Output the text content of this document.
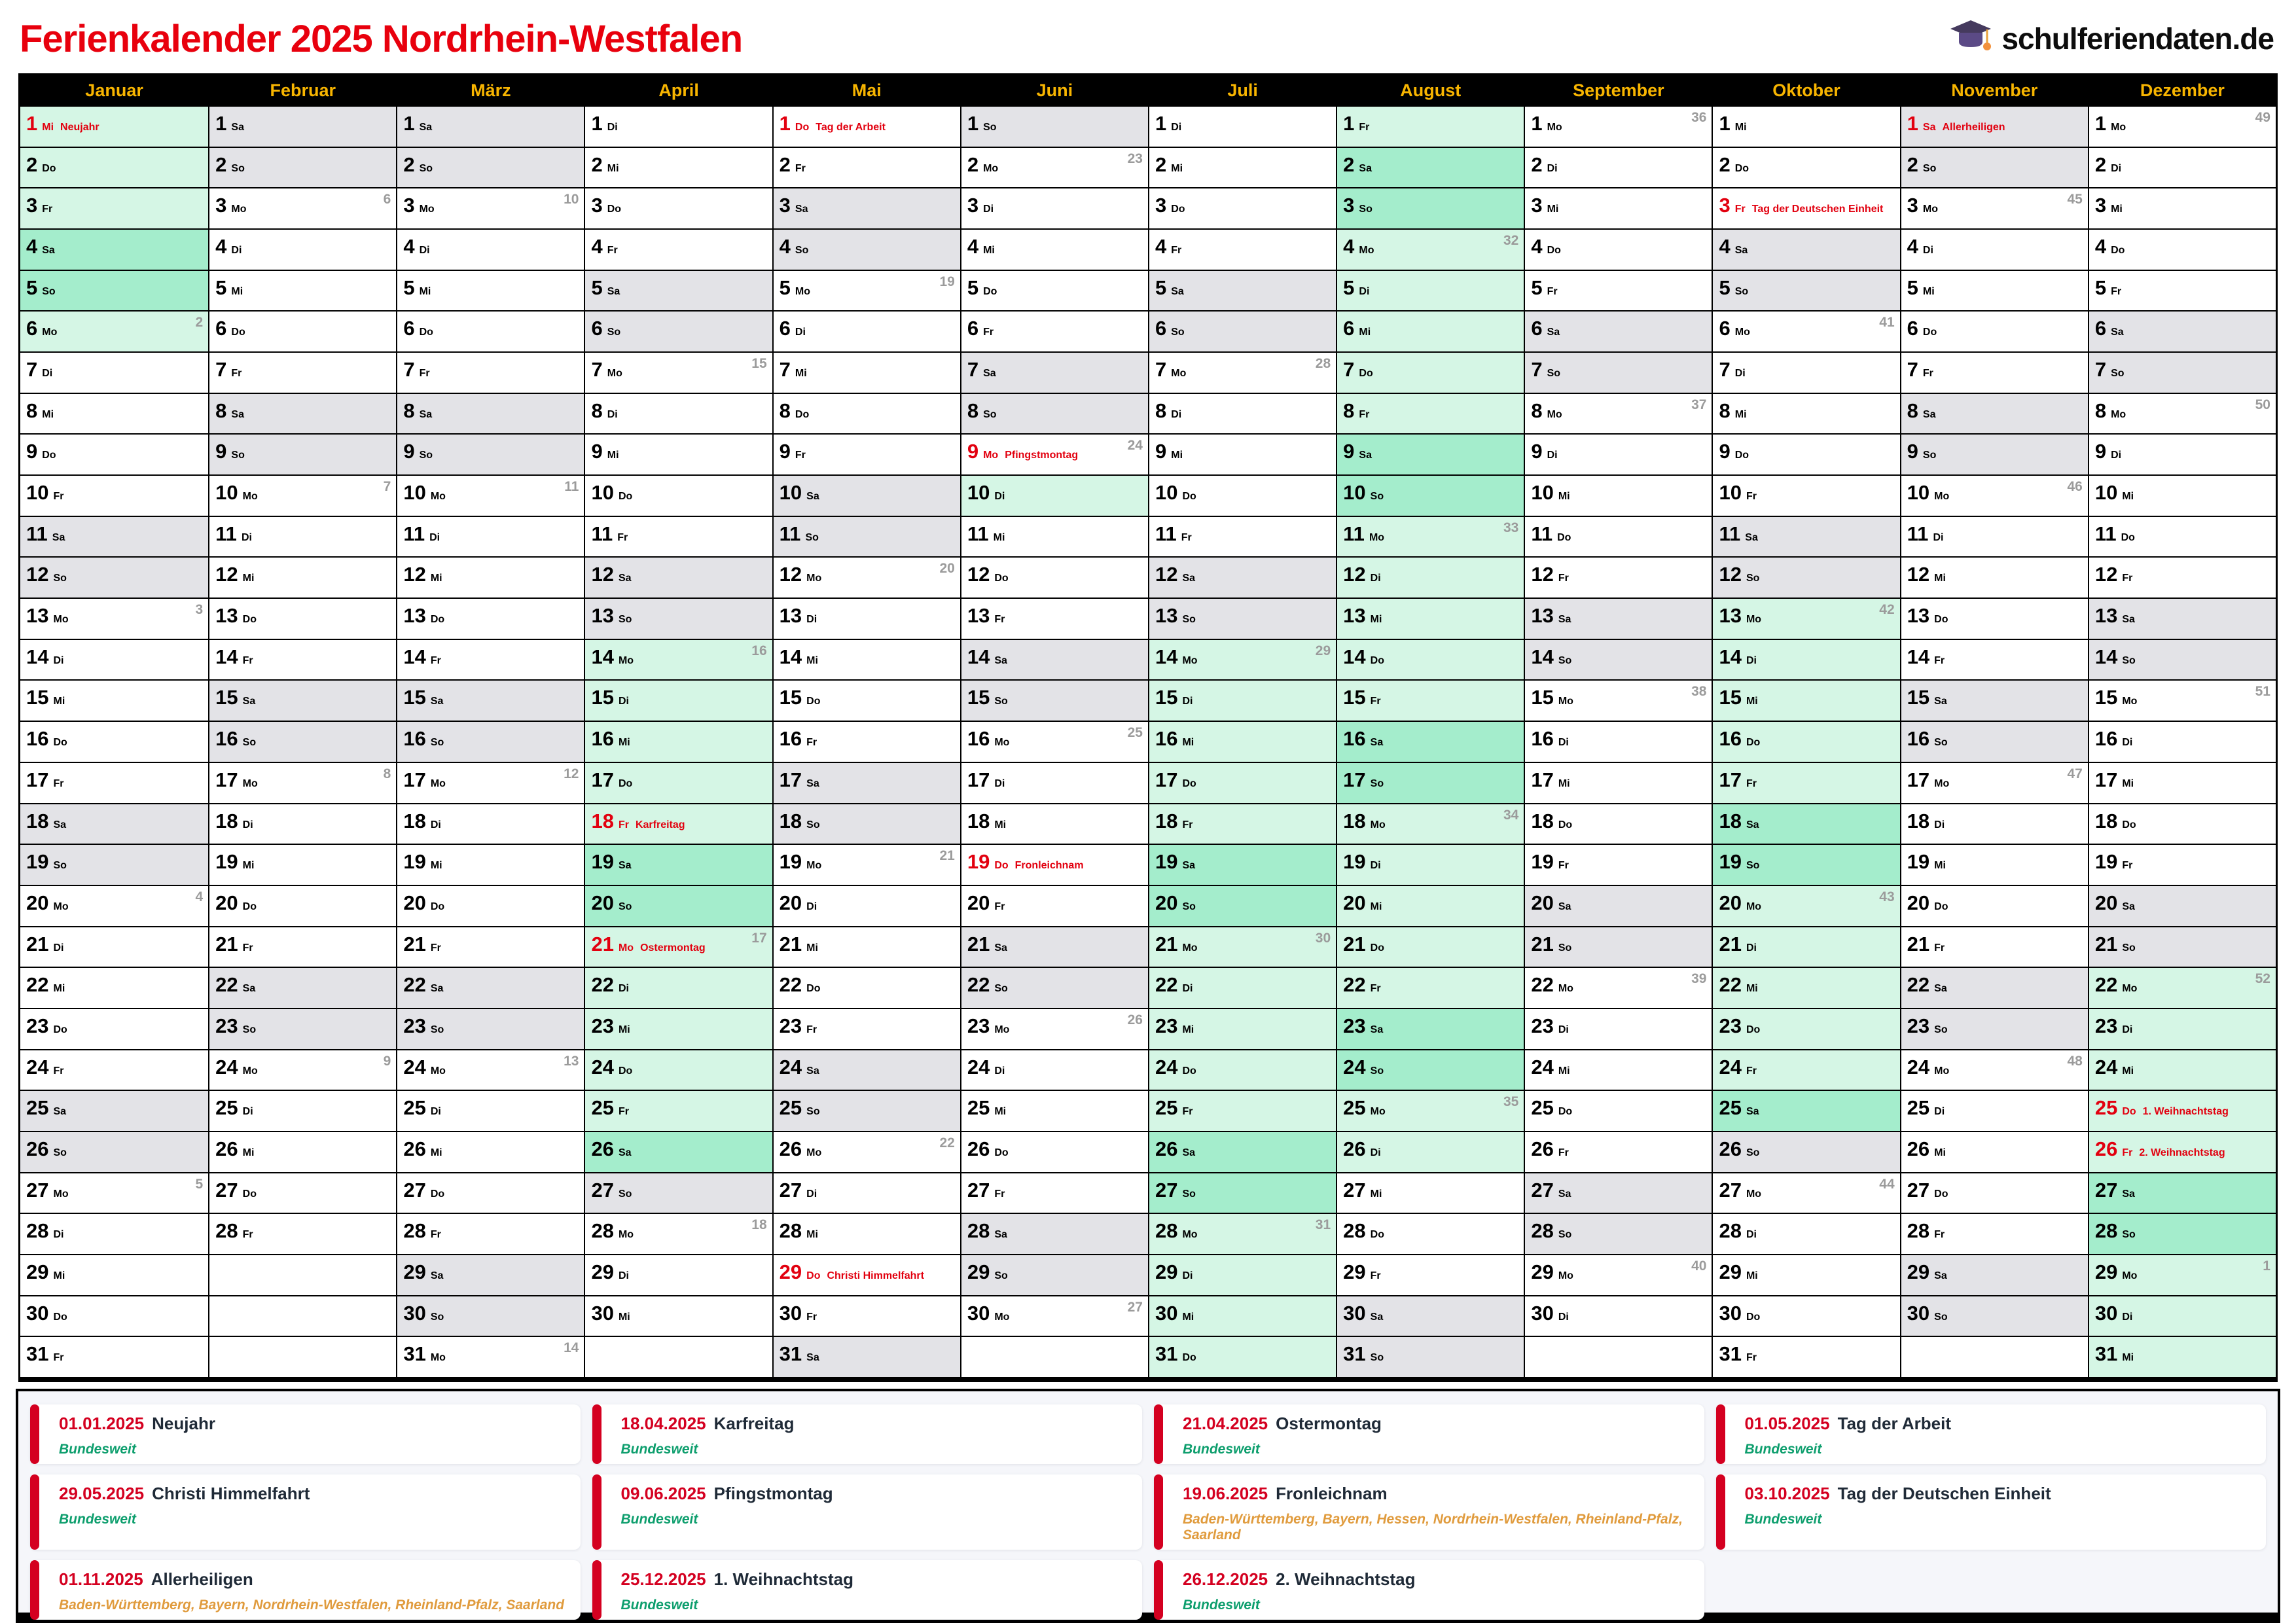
Ferienkalender 2025 Nordrhein-Westfalen	schulferiendaten.de
Januar
1 Mi Neujahr
2 Do
3 Fr
4 Sa
5 So
6 Mo
2
7 Di
8 Mi
9 Do
10 Fr
11 Sa
12 So
13 Mo
3
14 Di
15 Mi
16 Do
17 Fr
18 Sa
19 So
20 Mo
4
21 Di
22 Mi
23 Do
24 Fr
25 Sa
26 So
27 Mo
5
28 Di
29 Mi
30 Do
31 Fr
Februar
1 Sa
2 So
3 Mo
6
4 Di
5 Mi
6 Do
7 Fr
8 Sa
9 So
10 Mo
7
11 Di
12 Mi
13 Do
14 Fr
15 Sa
16 So
17 Mo
8
18 Di
19 Mi
20 Do
21 Fr
22 Sa
23 So
24 Mo
9
25 Di
26 Mi
27 Do
28 Fr
März
1 Sa
2 So
3 Mo
10
4 Di
5 Mi
6 Do
7 Fr
8 Sa
9 So
10 Mo
11
11 Di
12 Mi
13 Do
14 Fr
15 Sa
16 So
17 Mo
12
18 Di
19 Mi
20 Do
21 Fr
22 Sa
23 So
24 Mo
13
25 Di
26 Mi
27 Do
28 Fr
29 Sa
30 So
31 Mo
14
April
1 Di
2 Mi
3 Do
4 Fr
5 Sa
6 So
7 Mo
15
8 Di
9 Mi
10 Do
11 Fr
12 Sa
13 So
14 Mo
16
15 Di
16 Mi
17 Do
18 Fr Karfreitag
19 Sa
20 So
21 Mo Ostermontag
17
22 Di
23 Mi
24 Do
25 Fr
26 Sa
27 So
28 Mo
18
29 Di
30 Mi
Mai
1 Do Tag der Arbeit
2 Fr
3 Sa
4 So
5 Mo
19
6 Di
7 Mi
8 Do
9 Fr
10 Sa
11 So
12 Mo
20
13 Di
14 Mi
15 Do
16 Fr
17 Sa
18 So
19 Mo
21
20 Di
21 Mi
22 Do
23 Fr
24 Sa
25 So
26 Mo
22
27 Di
28 Mi
29 Do Christi Himmelfahrt
30 Fr
31 Sa
Juni
1 So
2 Mo
23
3 Di
4 Mi
5 Do
6 Fr
7 Sa
8 So
9 Mo Pfingstmontag
24
10 Di
11 Mi
12 Do
13 Fr
14 Sa
15 So
16 Mo
25
17 Di
18 Mi
19 Do Fronleichnam
20 Fr
21 Sa
22 So
23 Mo
26
24 Di
25 Mi
26 Do
27 Fr
28 Sa
29 So
30 Mo
27
Juli
1 Di
2 Mi
3 Do
4 Fr
5 Sa
6 So
7 Mo
28
8 Di
9 Mi
10 Do
11 Fr
12 Sa
13 So
14 Mo
29
15 Di
16 Mi
17 Do
18 Fr
19 Sa
20 So
21 Mo
30
22 Di
23 Mi
24 Do
25 Fr
26 Sa
27 So
28 Mo
31
29 Di
30 Mi
31 Do
August
1 Fr
2 Sa
3 So
4 Mo
32
5 Di
6 Mi
7 Do
8 Fr
9 Sa
10 So
11 Mo
33
12 Di
13 Mi
14 Do
15 Fr
16 Sa
17 So
18 Mo
34
19 Di
20 Mi
21 Do
22 Fr
23 Sa
24 So
25 Mo
35
26 Di
27 Mi
28 Do
29 Fr
30 Sa
31 So
September
1 Mo
36
2 Di
3 Mi
4 Do
5 Fr
6 Sa
7 So
8 Mo
37
9 Di
10 Mi
11 Do
12 Fr
13 Sa
14 So
15 Mo
38
16 Di
17 Mi
18 Do
19 Fr
20 Sa
21 So
22 Mo
39
23 Di
24 Mi
25 Do
26 Fr
27 Sa
28 So
29 Mo
40
30 Di
Oktober
1 Mi
2 Do
3 Fr Tag der Deutschen Einheit
4 Sa
5 So
6 Mo
41
7 Di
8 Mi
9 Do
10 Fr
11 Sa
12 So
13 Mo
42
14 Di
15 Mi
16 Do
17 Fr
18 Sa
19 So
20 Mo
43
21 Di
22 Mi
23 Do
24 Fr
25 Sa
26 So
27 Mo
44
28 Di
29 Mi
30 Do
31 Fr
November
1 Sa Allerheiligen
2 So
3 Mo
45
4 Di
5 Mi
6 Do
7 Fr
8 Sa
9 So
10 Mo
46
11 Di
12 Mi
13 Do
14 Fr
15 Sa
16 So
17 Mo
47
18 Di
19 Mi
20 Do
21 Fr
22 Sa
23 So
24 Mo
48
25 Di
26 Mi
27 Do
28 Fr
29 Sa
30 So
Dezember
1 Mo
49
2 Di
3 Mi
4 Do
5 Fr
6 Sa
7 So
8 Mo
50
9 Di
10 Mi
11 Do
12 Fr
13 Sa
14 So
15 Mo
51
16 Di
17 Mi
18 Do
19 Fr
20 Sa
21 So
22 Mo
52
23 Di
24 Mi
25 Do 1. Weihnachtstag
26 Fr 2. Weihnachtstag
27 Sa
28 So
29 Mo
1
30 Di
31 Mi
01.01.2025 Neujahr
Bundesweit
18.04.2025 Karfreitag
Bundesweit
21.04.2025 Ostermontag
Bundesweit
01.05.2025 Tag der Arbeit
Bundesweit
29.05.2025 Christi Himmelfahrt
Bundesweit
09.06.2025 Pfingstmontag
Bundesweit
19.06.2025 Fronleichnam
Baden-Württemberg, Bayern, Hessen, Nordrhein-Westfalen, Rheinland-Pfalz, Saarland
03.10.2025 Tag der Deutschen Einheit
Bundesweit
01.11.2025 Allerheiligen
Baden-Württemberg, Bayern, Nordrhein-Westfalen, Rheinland-Pfalz, Saarland
25.12.2025 1. Weihnachtstag
Bundesweit
26.12.2025 2. Weihnachtstag
Bundesweit
